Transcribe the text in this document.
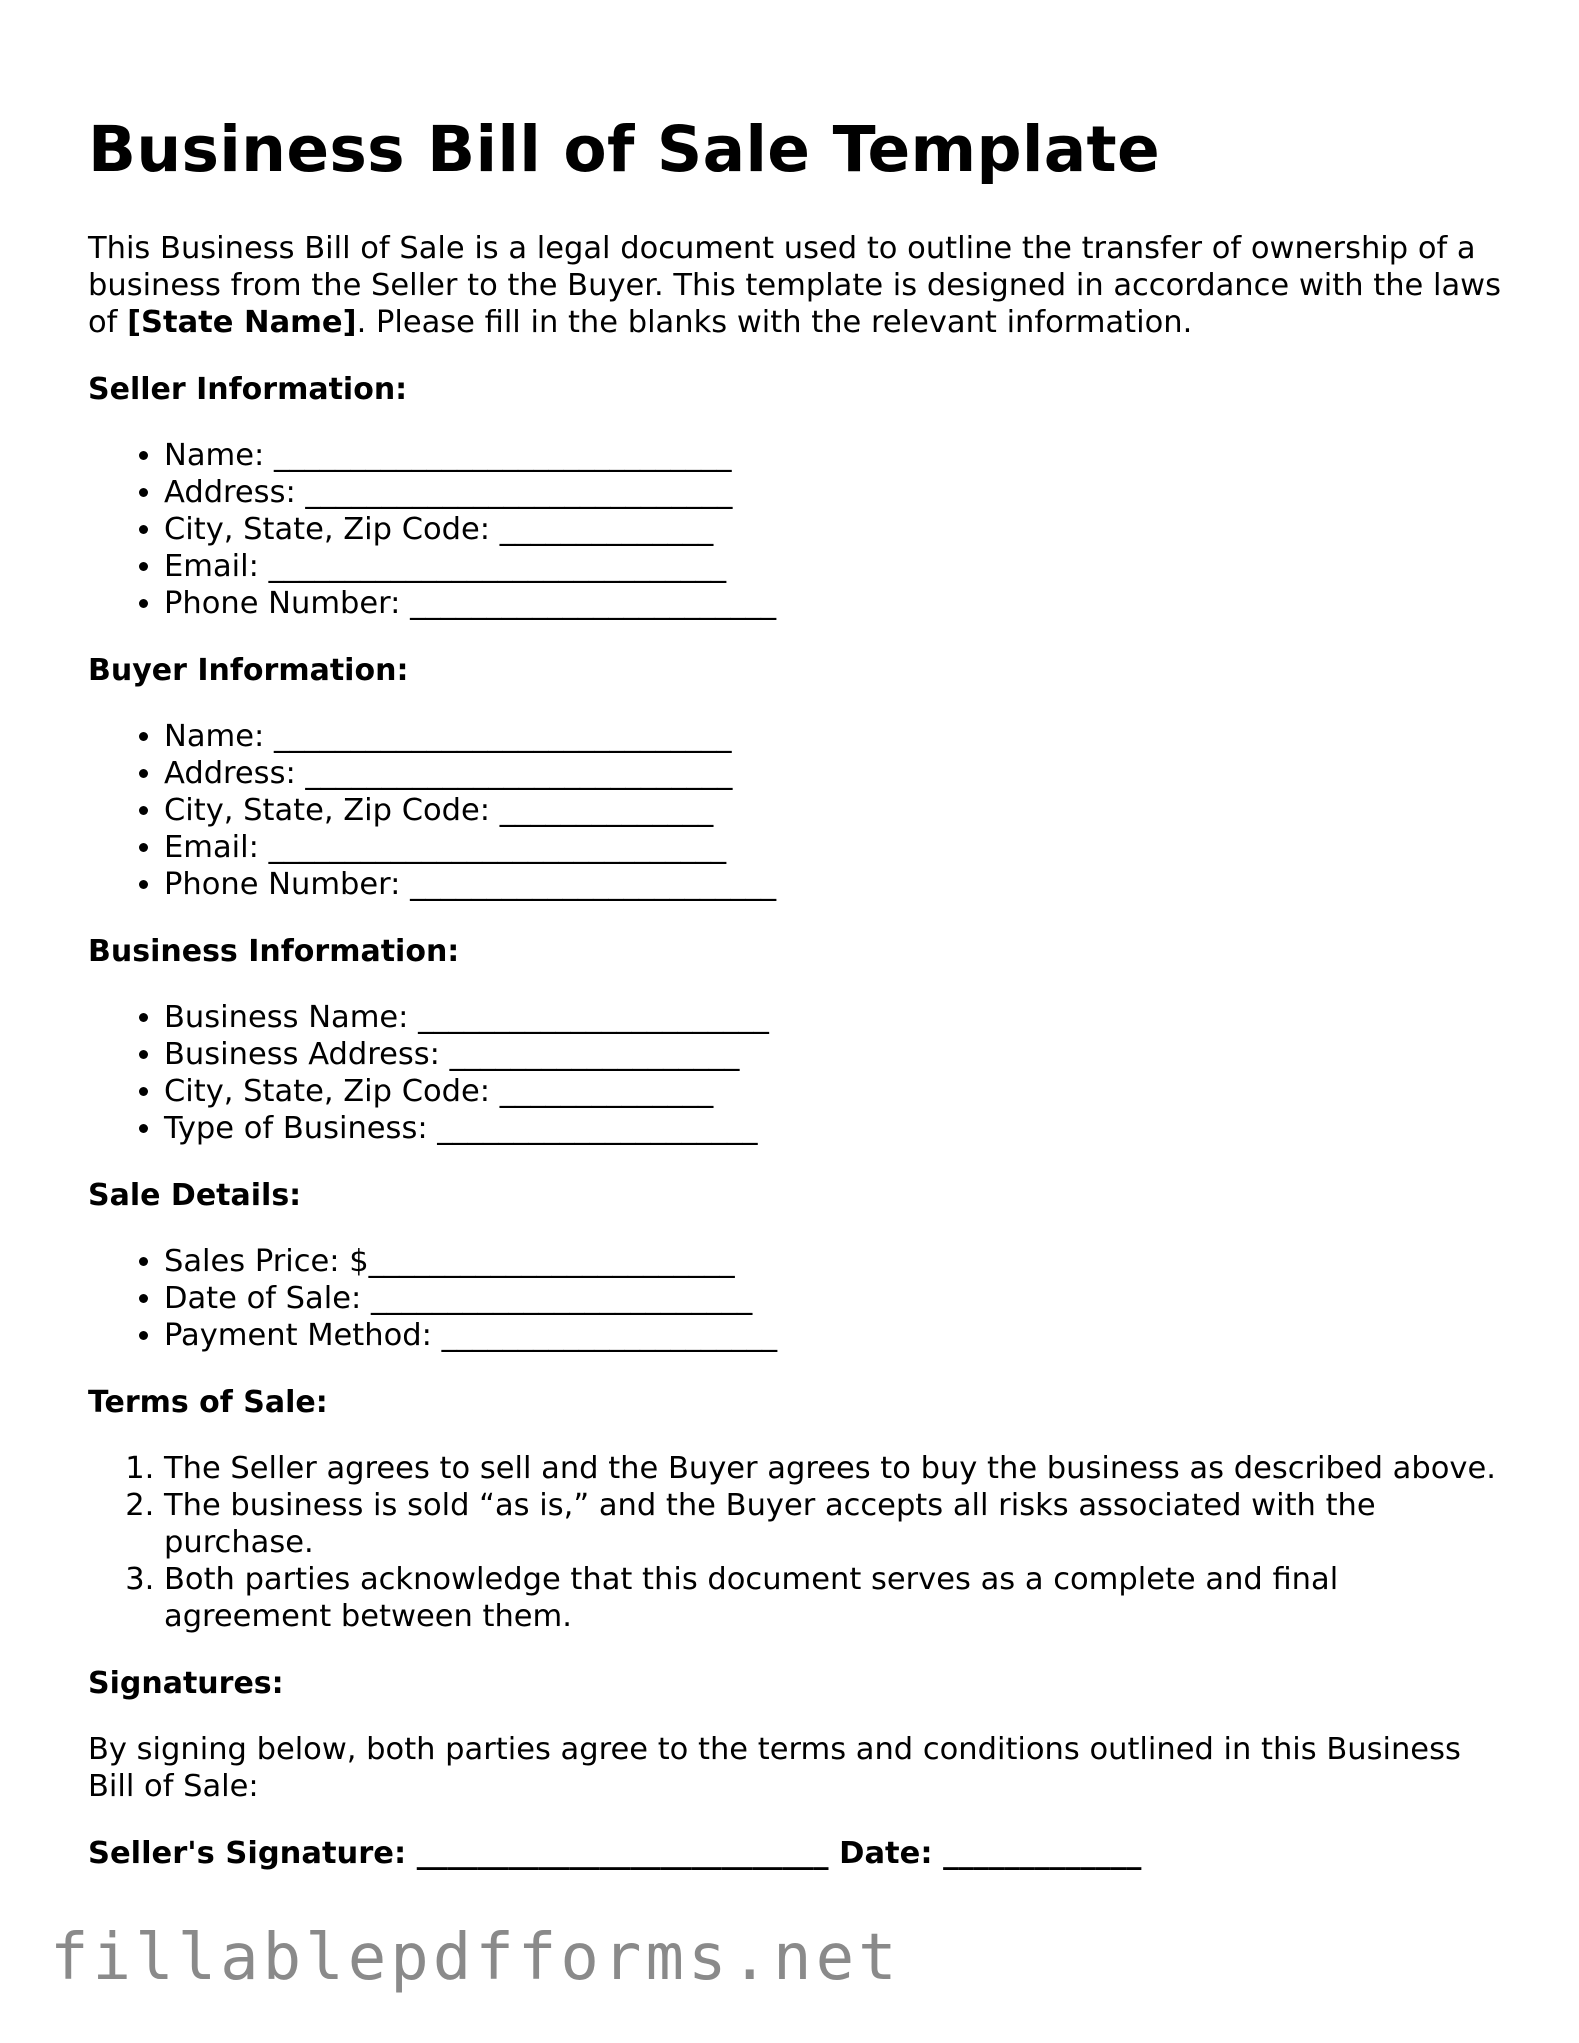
Business Bill of Sale Template

This Business Bill of Sale is a legal document used to outline the transfer of ownership of a business from the Seller to the Buyer. This template is designed in accordance with the laws of [State Name]. Please fill in the blanks with the relevant information.

Seller Information:
• Name: ______________________________
• Address: ____________________________
• City, State, Zip Code: ______________
• Email: ______________________________
• Phone Number: ________________________
Buyer Information:
• Name: ______________________________
• Address: ____________________________
• City, State, Zip Code: ______________
• Email: ______________________________
• Phone Number: ________________________
Business Information:
• Business Name: _______________________
• Business Address: ___________________
• City, State, Zip Code: ______________
• Type of Business: _____________________
Sale Details:
• Sales Price: $________________________
• Date of Sale: _________________________
• Payment Method: ______________________
Terms of Sale:
1. The Seller agrees to sell and the Buyer agrees to buy the business as described above.
2. The business is sold “as is,” and the Buyer accepts all risks associated with the purchase.
3. Both parties acknowledge that this document serves as a complete and final agreement between them.
Signatures:

By signing below, both parties agree to the terms and conditions outlined in this Business Bill of Sale:

Seller's Signature: ___________________________ Date: _____________

fillablepdfforms.net
